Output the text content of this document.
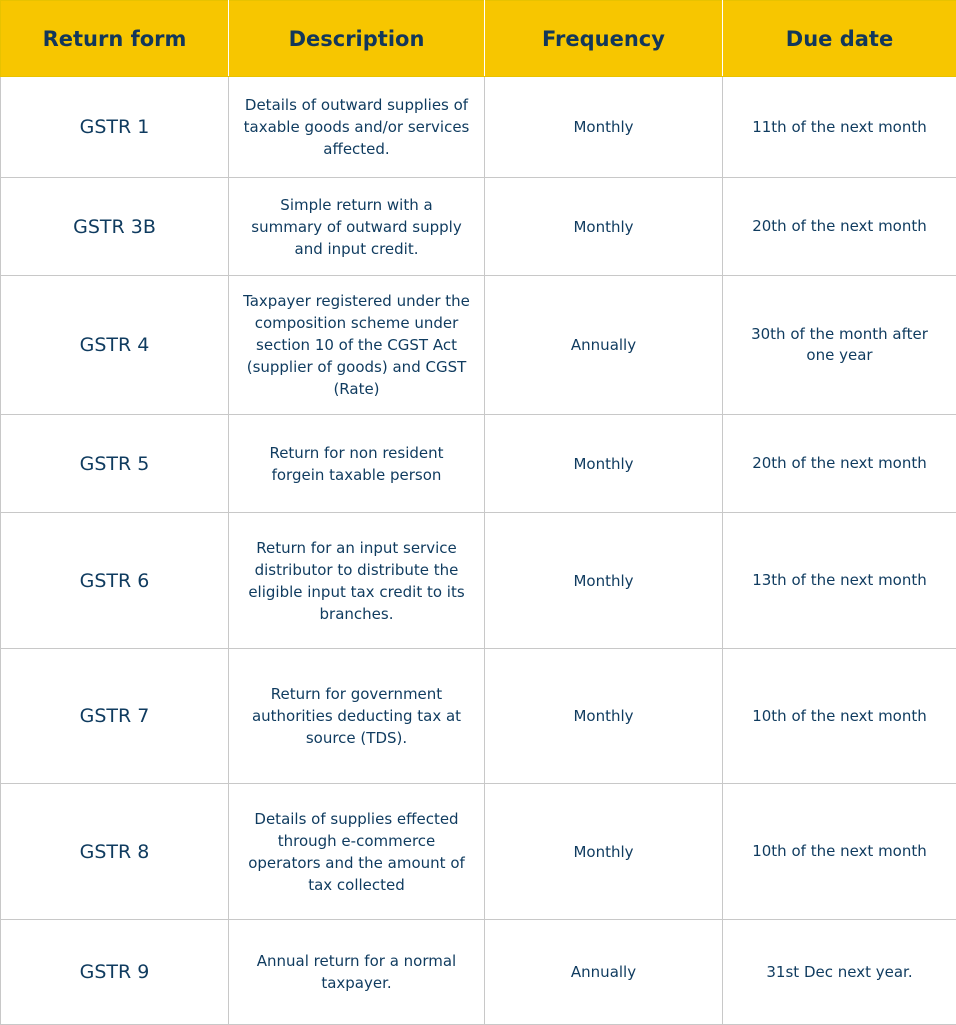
Return form	Description	Frequency	Due date
GSTR 1	Details of outward supplies of taxable goods and/or services affected.	Monthly	11th of the next month
GSTR 3B	Simple return with a summary of outward supply and input credit.	Monthly	20th of the next month
GSTR 4	Taxpayer registered under the composition scheme under section 10 of the CGST Act (supplier of goods) and CGST (Rate)	Annually	30th of the month after one year
GSTR 5	Return for non resident forgein taxable person	Monthly	20th of the next month
GSTR 6	Return for an input service distributor to distribute the eligible input tax credit to its branches.	Monthly	13th of the next month
GSTR 7	Return for government authorities deducting tax at source (TDS).	Monthly	10th of the next month
GSTR 8	Details of supplies effected through e-commerce operators and the amount of tax collected	Monthly	10th of the next month
GSTR 9	Annual return for a normal taxpayer.	Annually	31st Dec next year.
